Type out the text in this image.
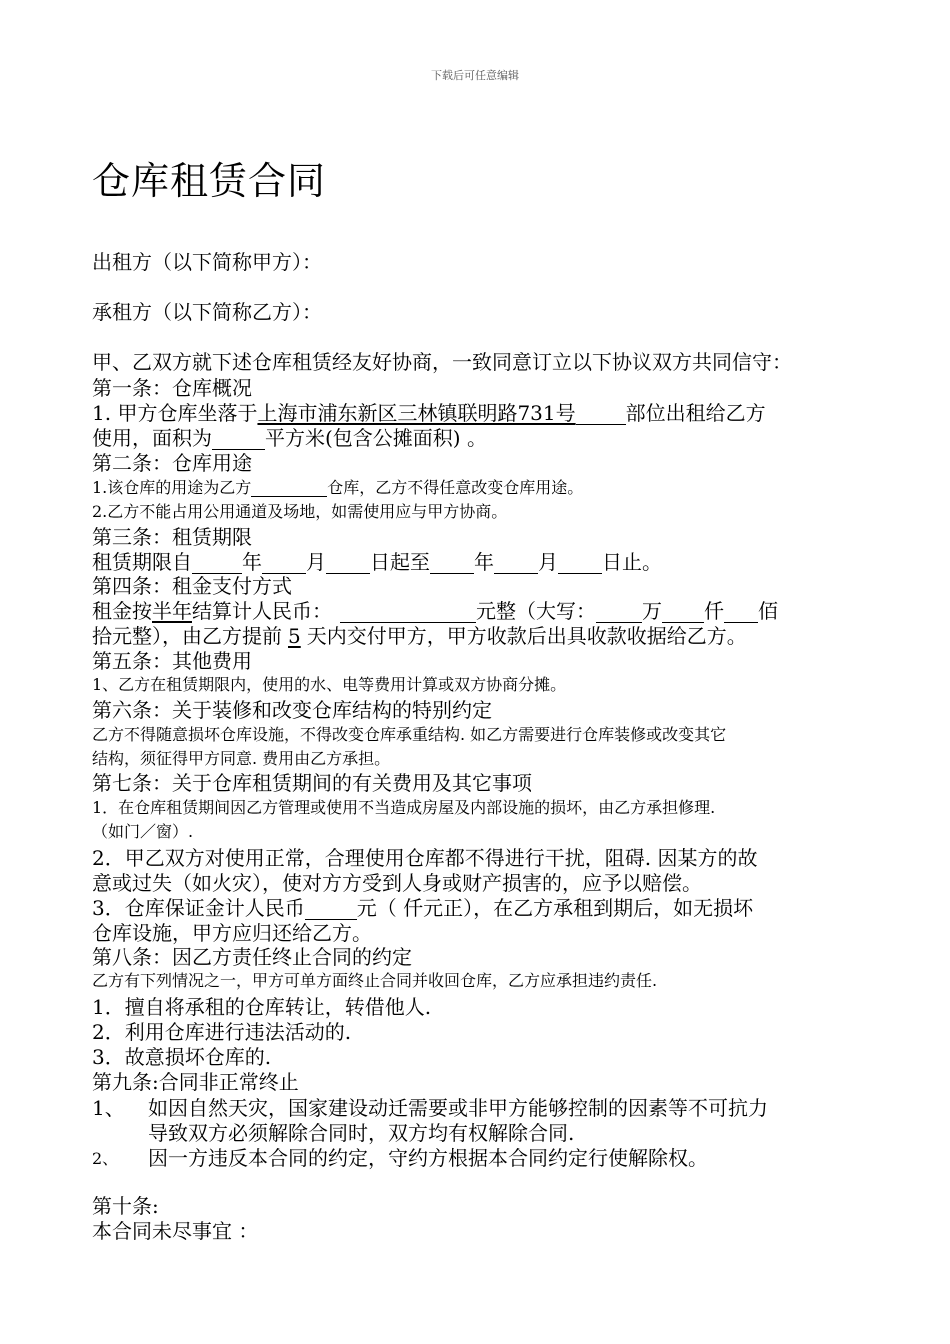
下载后可任意编辑
仓库租赁合同
出租方（以下简称甲方）：
承租方（以下简称乙方）：
甲、乙双方就下述仓库租赁经友好协商，一致同意订立以下协议双方共同信守：
第一条：仓库概况
1. 甲方仓库坐落于上海市浦东新区三林镇联明路731号	部位出租给乙方
使用，面积为	平方米(包含公摊面积) 。
第二条：仓库用途
1.该仓库的用途为乙方	仓库，乙方不得任意改变仓库用途。
2.乙方不能占用公用通道及场地，如需使用应与甲方协商。
第三条：租赁期限
租赁期限自	年 月 日起至 年 月 日止。
第四条：租金支付方式
租金按半年结算计人民币：	元整（大写： 万 仟 佰
拾元整），由乙方提前 5 天内交付甲方，甲方收款后出具收款收据给乙方。
第五条：其他费用
1、乙方在租赁期限内，使用的水、电等费用计算或双方协商分摊。
第六条：关于装修和改变仓库结构的特别约定
乙方不得随意损坏仓库设施，不得改变仓库承重结构. 如乙方需要进行仓库装修或改变其它
结构，须征得甲方同意. 费用由乙方承担。
第七条：关于仓库租赁期间的有关费用及其它事项
1．在仓库租赁期间因乙方管理或使用不当造成房屋及内部设施的损坏，由乙方承担修理.
（如门／窗）.
2．甲乙双方对使用正常，合理使用仓库都不得进行干扰，阻碍. 因某方的故
意或过失（如火灾），使对方方受到人身或财产损害的，应予以赔偿。
3．仓库保证金计人民币	元（ 仟元正），在乙方承租到期后，如无损坏
仓库设施，甲方应归还给乙方。
第八条：因乙方责任终止合同的约定
乙方有下列情况之一，甲方可单方面终止合同并收回仓库，乙方应承担违约责任.
1．擅自将承租的仓库转让，转借他人.
2．利用仓库进行违法活动的.
3．故意损坏仓库的.
第九条:合同非正常终止
1、 如因自然天灾，国家建设动迁需要或非甲方能够控制的因素等不可抗力
导致双方必须解除合同时，双方均有权解除合同.
2、 因一方违反本合同的约定，守约方根据本合同约定行使解除权。
第十条:
本合同未尽事宜 ：
